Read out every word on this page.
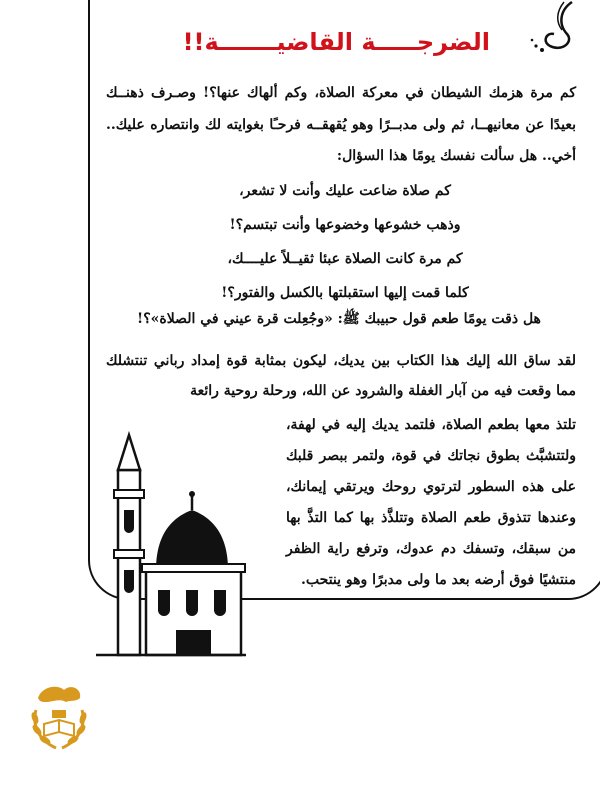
الضرجـــــة القاضيـــــــة!!
كم مرة هزمك الشيطان في معركة الصلاة، وكم ألهاك عنها؟! وصـرف ذهنــك بعيدًا عن معانيهــا، ثم ولى مدبــرًا وهو يُقهقــه فرحـًا بغوايته لك وانتصاره عليك.. أخي.. هل سألت نفسك يومًا هذا السؤال:
كم صلاة ضاعت عليك وأنت لا تشعر،
وذهب خشوعها وخضوعها وأنت تبتسم؟!
كم مرة كانت الصلاة عبئا ثقيــلاً عليــــك،
كلما قمت إليها استقبلتها بالكسل والفتور؟!
هل ذقت يومًا طعم قول حبيبك ﷺ: «وجُعِلت قرة عيني في الصلاة»؟!
لقد ساق الله إليك هذا الكتاب بين يديك، ليكون بمثابة قوة إمداد رباني تنتشلك مما وقعت فيه من آبار الغفلة والشرود عن الله، ورحلة روحية رائعة
تلتذ معها بطعم الصلاة، فلتمد يديك إليه في لهفة، ولتتشبَّث بطوق نجاتك في قوة، ولتمر ببصر قلبك على هذه السطور لترتوي روحك ويرتقي إيمانك، وعندها تتذوق طعم الصلاة وتتلذَّذ بها كما التذَّ بها من سبقك، وتسفك دم عدوك، وترفع راية الظفر منتشيًا فوق أرضه بعد ما ولى مدبرًا وهو ينتحب.
